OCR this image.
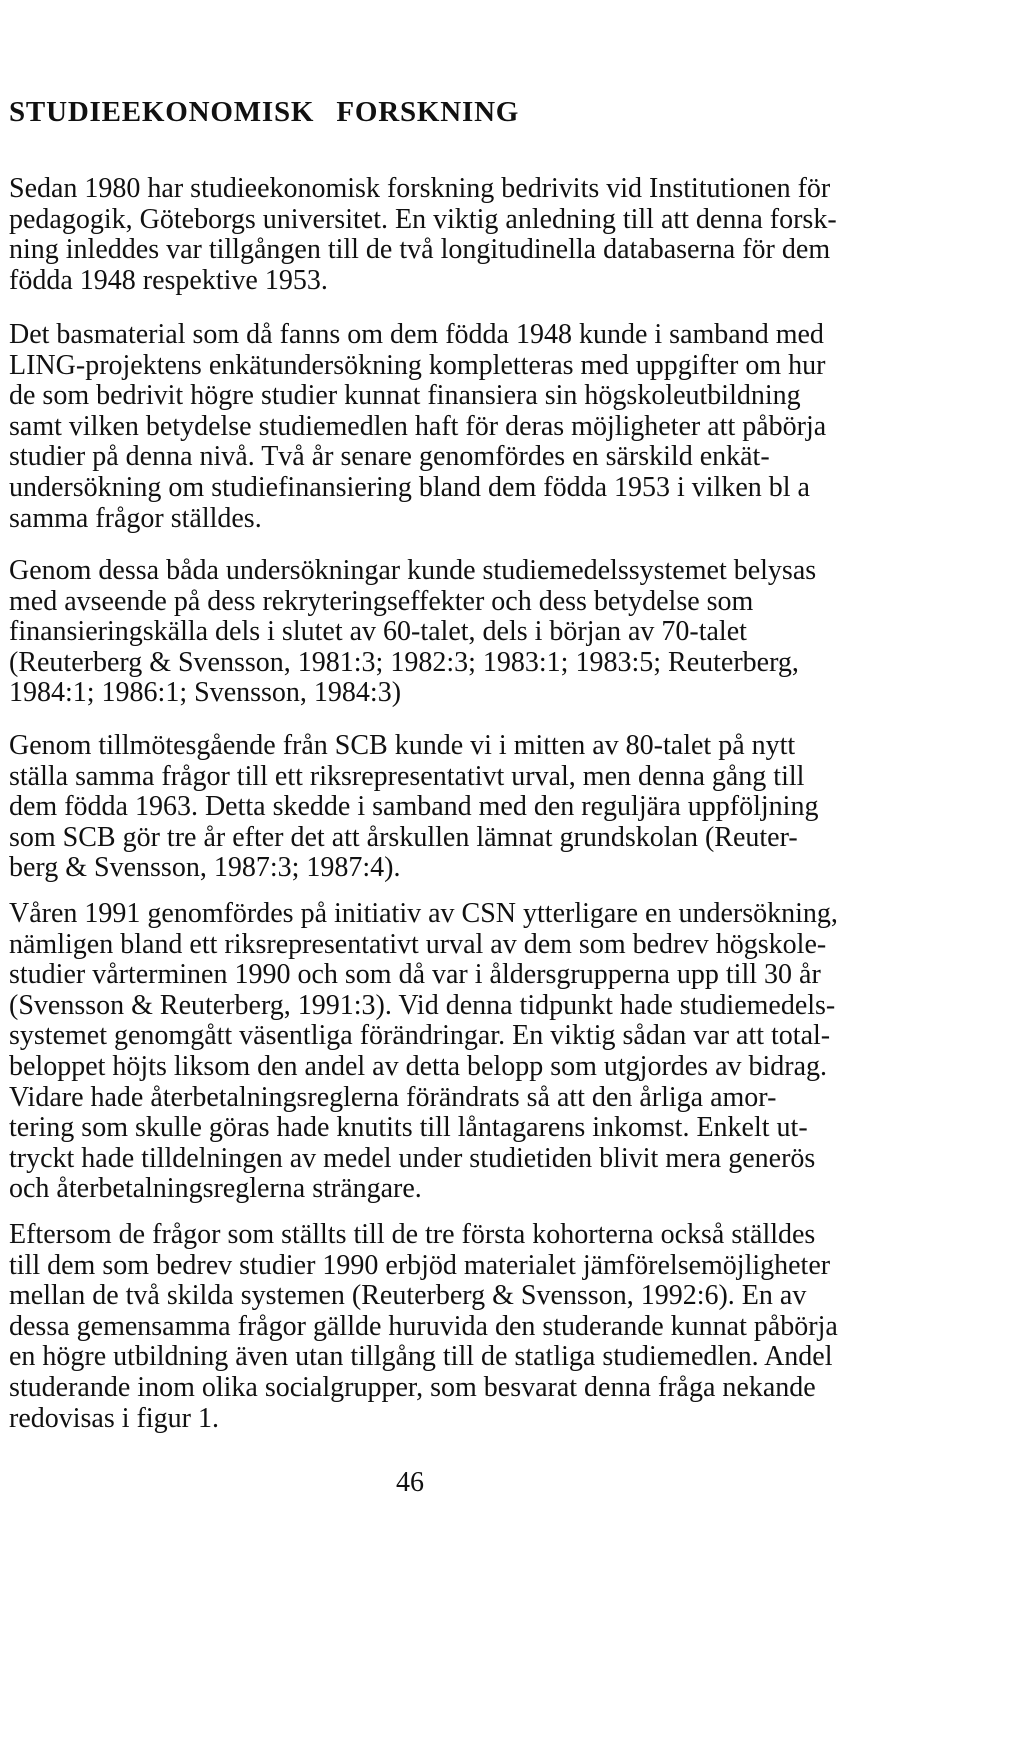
STUDIEEKONOMISK FORSKNING

Sedan 1980 har studieekonomisk forskning bedrivits vid Institutionen för
pedagogik, Göteborgs universitet. En viktig anledning till att denna forsk-
ning inleddes var tillgången till de två longitudinella databaserna för dem
födda 1948 respektive 1953.

Det basmaterial som då fanns om dem födda 1948 kunde i samband med
LING-projektens enkätundersökning kompletteras med uppgifter om hur
de som bedrivit högre studier kunnat finansiera sin högskoleutbildning
samt vilken betydelse studiemedlen haft för deras möjligheter att påbörja
studier på denna nivå. Två år senare genomfördes en särskild enkät-
undersökning om studiefinansiering bland dem födda 1953 i vilken bl a
samma frågor ställdes.

Genom dessa båda undersökningar kunde studiemedelssystemet belysas
med avseende på dess rekryteringseffekter och dess betydelse som
finansieringskälla dels i slutet av 60-talet, dels i början av 70-talet
(Reuterberg & Svensson, 1981:3; 1982:3; 1983:1; 1983:5; Reuterberg,
1984:1; 1986:1; Svensson, 1984:3)

Genom tillmötesgående från SCB kunde vi i mitten av 80-talet på nytt
ställa samma frågor till ett riksrepresentativt urval, men denna gång till
dem födda 1963. Detta skedde i samband med den reguljära uppföljning
som SCB gör tre år efter det att årskullen lämnat grundskolan (Reuter-
berg & Svensson, 1987:3; 1987:4).

Våren 1991 genomfördes på initiativ av CSN ytterligare en undersökning,
nämligen bland ett riksrepresentativt urval av dem som bedrev högskole-
studier vårterminen 1990 och som då var i åldersgrupperna upp till 30 år
(Svensson & Reuterberg, 1991:3). Vid denna tidpunkt hade studiemedels-
systemet genomgått väsentliga förändringar. En viktig sådan var att total-
beloppet höjts liksom den andel av detta belopp som utgjordes av bidrag.
Vidare hade återbetalningsreglerna förändrats så att den årliga amor-
tering som skulle göras hade knutits till låntagarens inkomst. Enkelt ut-
tryckt hade tilldelningen av medel under studietiden blivit mera generös
och återbetalningsreglerna strängare.

Eftersom de frågor som ställts till de tre första kohorterna också ställdes
till dem som bedrev studier 1990 erbjöd materialet jämförelsemöjligheter
mellan de två skilda systemen (Reuterberg & Svensson, 1992:6). En av
dessa gemensamma frågor gällde huruvida den studerande kunnat påbörja
en högre utbildning även utan tillgång till de statliga studiemedlen. Andel
studerande inom olika socialgrupper, som besvarat denna fråga nekande
redovisas i figur 1.

46
